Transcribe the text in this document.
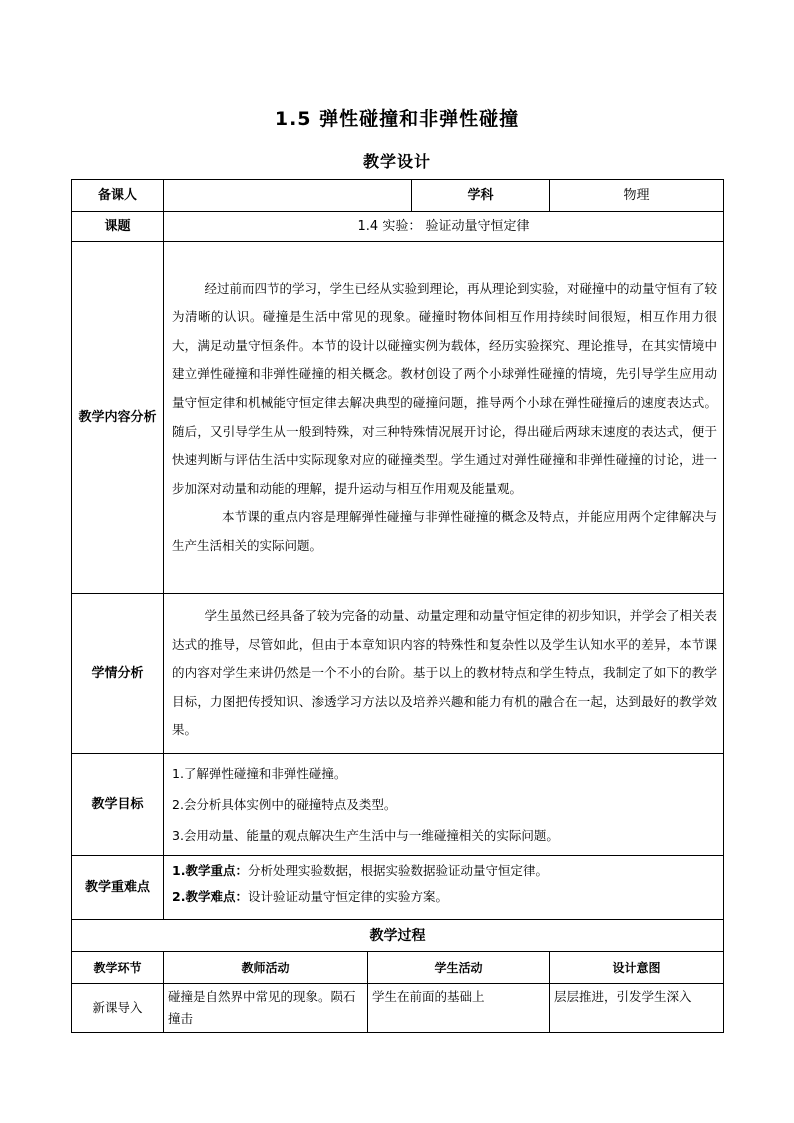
1.5 弹性碰撞和非弹性碰撞
教学设计
备课人			学科	物理
课题	1.4 实验： 验证动量守恒定律			
教学内容分析	经过前而四节的学习，学生已经从实验到理论，再从理论到实验，对碰撞中的动量守恒有了较为清晰的认识。碰撞是生活中常见的现象。碰撞时物体间相互作用持续时间很短，相互作用力很大，满足动量守恒条件。本节的设计以碰撞实例为载体，经历实验探究、理论推导，在其实情境中建立弹性碰撞和非弹性碰撞的相关概念。教材创设了两个小球弹性碰撞的情境，先引导学生应用动量守恒定律和机械能守恒定律去解决典型的碰撞问题，推导两个小球在弹性碰撞后的速度表达式。随后，又引导学生从一般到特殊，对三种特殊情况展开讨论，得出碰后两球末速度的表达式，便于快速判断与评估生活中实际现象对应的碰撞类型。学生通过对弹性碰撞和非弹性碰撞的讨论，进一步加深对动量和动能的理解，提升运动与相互作用观及能量观。

本节课的重点内容是理解弹性碰撞与非弹性碰撞的概念及特点，并能应用两个定律解决与生产生活相关的实际问题。			

学情分析	学生虽然已经具备了较为完备的动量、动量定理和动量守恒定律的初步知识，并学会了相关表达式的推导，尽管如此，但由于本章知识内容的特殊性和复杂性以及学生认知水平的差异，本节课的内容对学生来讲仍然是一个不小的台阶。基于以上的教材特点和学生特点，我制定了如下的教学目标，力图把传授知识、渗透学习方法以及培养兴趣和能力有机的融合在一起，达到最好的教学效果。			

教学目标	1.了解弹性碰撞和非弹性碰撞。
2.会分析具体实例中的碰撞特点及类型。
3.会用动量、能量的观点解决生产生活中与一维碰撞相关的实际问题。			

教学重难点	1.教学重点：分析处理实验数据，根据实验数据验证动量守恒定律。
2.教学难点：设计验证动量守恒定律的实验方案。			

教学过程				
教学环节	教师活动	学生活动		设计意图
新课导入	碰撞是自然界中常见的现象。陨石撞击	学生在前面的基础上		层层推进，引发学生深入
